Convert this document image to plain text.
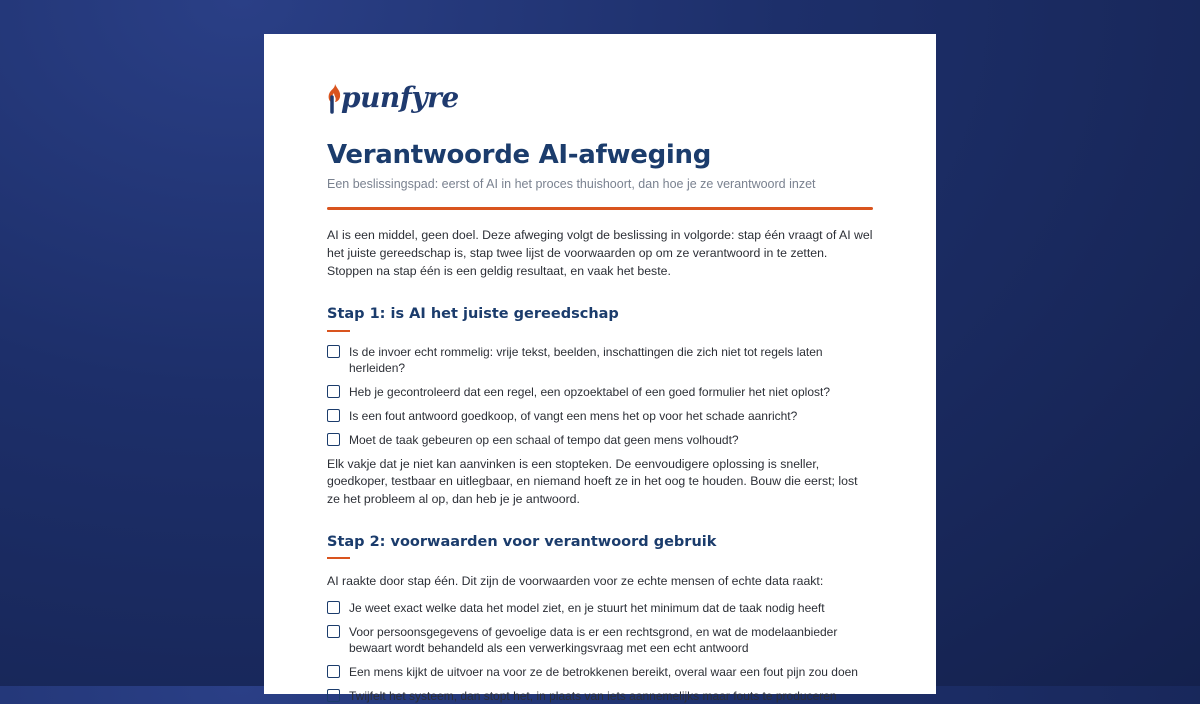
punfyre
Verantwoorde AI-afweging
Een beslissingspad: eerst of AI in het proces thuishoort, dan hoe je ze verantwoord inzet

AI is een middel, geen doel. Deze afweging volgt de beslissing in volgorde: stap één vraagt of AI wel het juiste gereedschap is, stap twee lijst de voorwaarden op om ze verantwoord in te zetten. Stoppen na stap één is een geldig resultaat, en vaak het beste.

Stap 1: is AI het juiste gereedschap
Is de invoer echt rommelig: vrije tekst, beelden, inschattingen die zich niet tot regels laten herleiden?
Heb je gecontroleerd dat een regel, een opzoektabel of een goed formulier het niet oplost?
Is een fout antwoord goedkoop, of vangt een mens het op voor het schade aanricht?
Moet de taak gebeuren op een schaal of tempo dat geen mens volhoudt?

Elk vakje dat je niet kan aanvinken is een stopteken. De eenvoudigere oplossing is sneller, goedkoper, testbaar en uitlegbaar, en niemand hoeft ze in het oog te houden. Bouw die eerst; lost ze het probleem al op, dan heb je je antwoord.

Stap 2: voorwaarden voor verantwoord gebruik

AI raakte door stap één. Dit zijn de voorwaarden voor ze echte mensen of echte data raakt:

Je weet exact welke data het model ziet, en je stuurt het minimum dat de taak nodig heeft
Voor persoonsgegevens of gevoelige data is er een rechtsgrond, en wat de modelaanbieder bewaart wordt behandeld als een verwerkingsvraag met een echt antwoord
Een mens kijkt de uitvoer na voor ze de betrokkenen bereikt, overal waar een fout pijn zou doen
Twijfelt het systeem, dan stopt het, in plaats van iets aannemelijks maar fouts te produceren
